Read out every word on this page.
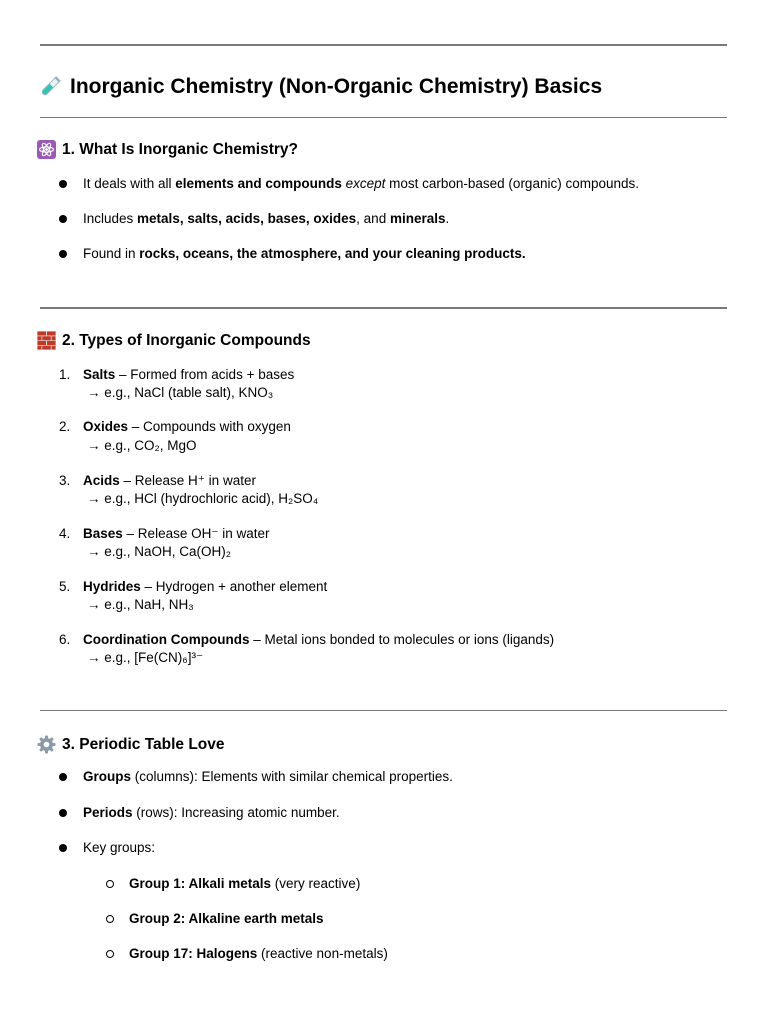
Inorganic Chemistry (Non-Organic Chemistry) Basics
1. What Is Inorganic Chemistry?
It deals with all elements and compounds except most carbon-based (organic) compounds.
Includes metals, salts, acids, bases, oxides, and minerals.
Found in rocks, oceans, the atmosphere, and your cleaning products.
2. Types of Inorganic Compounds
1. Salts – Formed from acids + bases
→ e.g., NaCl (table salt), KNO₃
2. Oxides – Compounds with oxygen
→ e.g., CO₂, MgO
3. Acids – Release H⁺ in water
→ e.g., HCl (hydrochloric acid), H₂SO₄
4. Bases – Release OH⁻ in water
→ e.g., NaOH, Ca(OH)₂
5. Hydrides – Hydrogen + another element
→ e.g., NaH, NH₃
6. Coordination Compounds – Metal ions bonded to molecules or ions (ligands)
→ e.g., [Fe(CN)₆]³⁻
3. Periodic Table Love
Groups (columns): Elements with similar chemical properties.
Periods (rows): Increasing atomic number.
Key groups:
Group 1: Alkali metals (very reactive)
Group 2: Alkaline earth metals
Group 17: Halogens (reactive non-metals)
